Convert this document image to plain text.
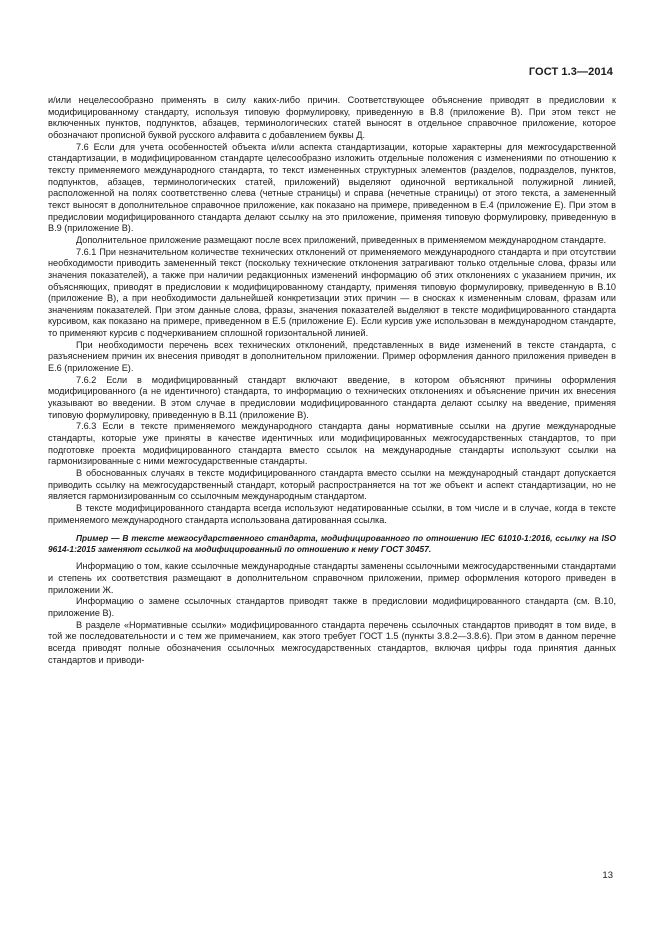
ГОСТ 1.3—2014

и/или нецелесообразно применять в силу каких-либо причин. Соответствующее объяснение приводят в предисловии к модифицированному стандарту, используя типовую формулировку, приведенную в В.8 (приложение В). При этом текст не включенных пунктов, подпунктов, абзацев, терминологических статей выносят в отдельное справочное приложение, которое обозначают прописной буквой русского алфавита с добавлением буквы Д.

7.6 Если для учета особенностей объекта и/или аспекта стандартизации, которые характерны для межгосударственной стандартизации, в модифицированном стандарте целесообразно изложить отдельные положения с изменениями по отношению к тексту применяемого международного стандарта, то текст измененных структурных элементов (разделов, подразделов, пунктов, подпунктов, абзацев, терминологических статей, приложений) выделяют одиночной вертикальной полужирной линией, расположенной на полях соответственно слева (четные страницы) и справа (нечетные страницы) от этого текста, а замененный текст выносят в дополнительное справочное приложение, как показано на примере, приведенном в Е.4 (приложение Е). При этом в предисловии модифицированного стандарта делают ссылку на это приложение, применяя типовую формулировку, приведенную в В.9 (приложение В).

Дополнительное приложение размещают после всех приложений, приведенных в применяемом международном стандарте.

7.6.1 При незначительном количестве технических отклонений от применяемого международного стандарта и при отсутствии необходимости приводить замененный текст (поскольку технические отклонения затрагивают только отдельные слова, фразы или значения показателей), а также при наличии редакционных изменений информацию об этих отклонениях с указанием причин, их объясняющих, приводят в предисловии к модифицированному стандарту, применяя типовую формулировку, приведенную в В.10 (приложение В), а при необходимости дальнейшей конкретизации этих причин — в сносках к измененным словам, фразам или значениям показателей. При этом данные слова, фразы, значения показателей выделяют в тексте модифицированного стандарта курсивом, как показано на примере, приведенном в Е.5 (приложение Е). Если курсив уже использован в международном стандарте, то применяют курсив с подчеркиванием сплошной горизонтальной линией.

При необходимости перечень всех технических отклонений, представленных в виде изменений в тексте стандарта, с разъяснением причин их внесения приводят в дополнительном приложении. Пример оформления данного приложения приведен в Е.6 (приложение Е).

7.6.2 Если в модифицированный стандарт включают введение, в котором объясняют причины оформления модифицированного (а не идентичного) стандарта, то информацию о технических отклонениях и объяснение причин их внесения указывают во введении. В этом случае в предисловии модифицированного стандарта делают ссылку на введение, применяя типовую формулировку, приведенную в В.11 (приложение В).

7.6.3 Если в тексте применяемого международного стандарта даны нормативные ссылки на другие международные стандарты, которые уже приняты в качестве идентичных или модифицированных межгосударственных стандартов, то при подготовке проекта модифицированного стандарта вместо ссылок на международные стандарты используют ссылки на гармонизированные с ними межгосударственные стандарты.

В обоснованных случаях в тексте модифицированного стандарта вместо ссылки на международный стандарт допускается приводить ссылку на межгосударственный стандарт, который распространяется на тот же объект и аспект стандартизации, но не является гармонизированным со ссылочным международным стандартом.

В тексте модифицированного стандарта всегда используют недатированные ссылки, в том числе и в случае, когда в тексте применяемого международного стандарта использована датированная ссылка.

Пример — В тексте межгосударственного стандарта, модифицированного по отношению IEC 61010-1:2016, ссылку на ISO 9614-1:2015 заменяют ссылкой на модифицированный по отношению к нему ГОСТ 30457.

Информацию о том, какие ссылочные международные стандарты заменены ссылочными межгосударственными стандартами и степень их соответствия размещают в дополнительном справочном приложении, пример оформления которого приведен в приложении Ж.

Информацию о замене ссылочных стандартов приводят также в предисловии модифицированного стандарта (см. В.10, приложение В).

В разделе «Нормативные ссылки» модифицированного стандарта перечень ссылочных стандартов приводят в том виде, в той же последовательности и с тем же примечанием, как этого требует ГОСТ 1.5 (пункты 3.8.2—3.8.6). При этом в данном перечне всегда приводят полные обозначения ссылочных межгосударственных стандартов, включая цифры года принятия данных стандартов и приводи-

13
